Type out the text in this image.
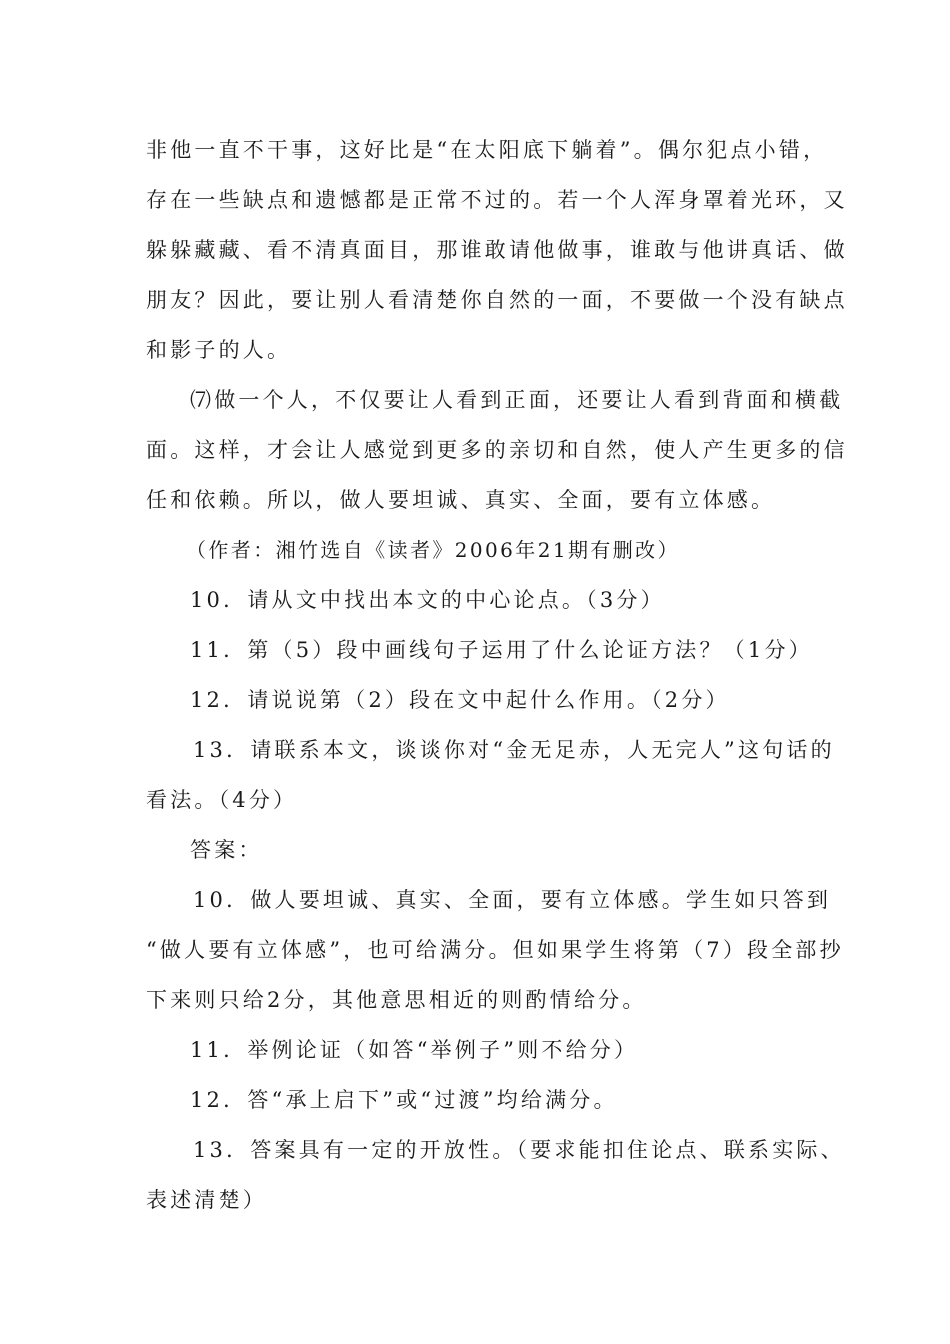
非他一直不干事，这好比是“在太阳底下躺着”。偶尔犯点小错，
存在一些缺点和遗憾都是正常不过的。若一个人浑身罩着光环，又
躲躲藏藏、看不清真面目，那谁敢请他做事，谁敢与他讲真话、做
朋友？因此，要让别人看清楚你自然的一面，不要做一个没有缺点
和影子的人。
⑺做一个人，不仅要让人看到正面，还要让人看到背面和横截
面。这样，才会让人感觉到更多的亲切和自然，使人产生更多的信
任和依赖。所以，做人要坦诚、真实、全面，要有立体感。
（作者：湘竹选自《读者》2006年21期有删改）
10．请从文中找出本文的中心论点。（3分）
11．第（5）段中画线句子运用了什么论证方法？（1分）
12．请说说第（2）段在文中起什么作用。（2分）
13．请联系本文，谈谈你对“金无足赤，人无完人”这句话的
看法。（4分）
答案：
10．做人要坦诚、真实、全面，要有立体感。学生如只答到
“做人要有立体感”，也可给满分。但如果学生将第（7）段全部抄
下来则只给2分，其他意思相近的则酌情给分。
11．举例论证（如答“举例子”则不给分）
12．答“承上启下”或“过渡”均给满分。
13．答案具有一定的开放性。（要求能扣住论点、联系实际、
表述清楚）
